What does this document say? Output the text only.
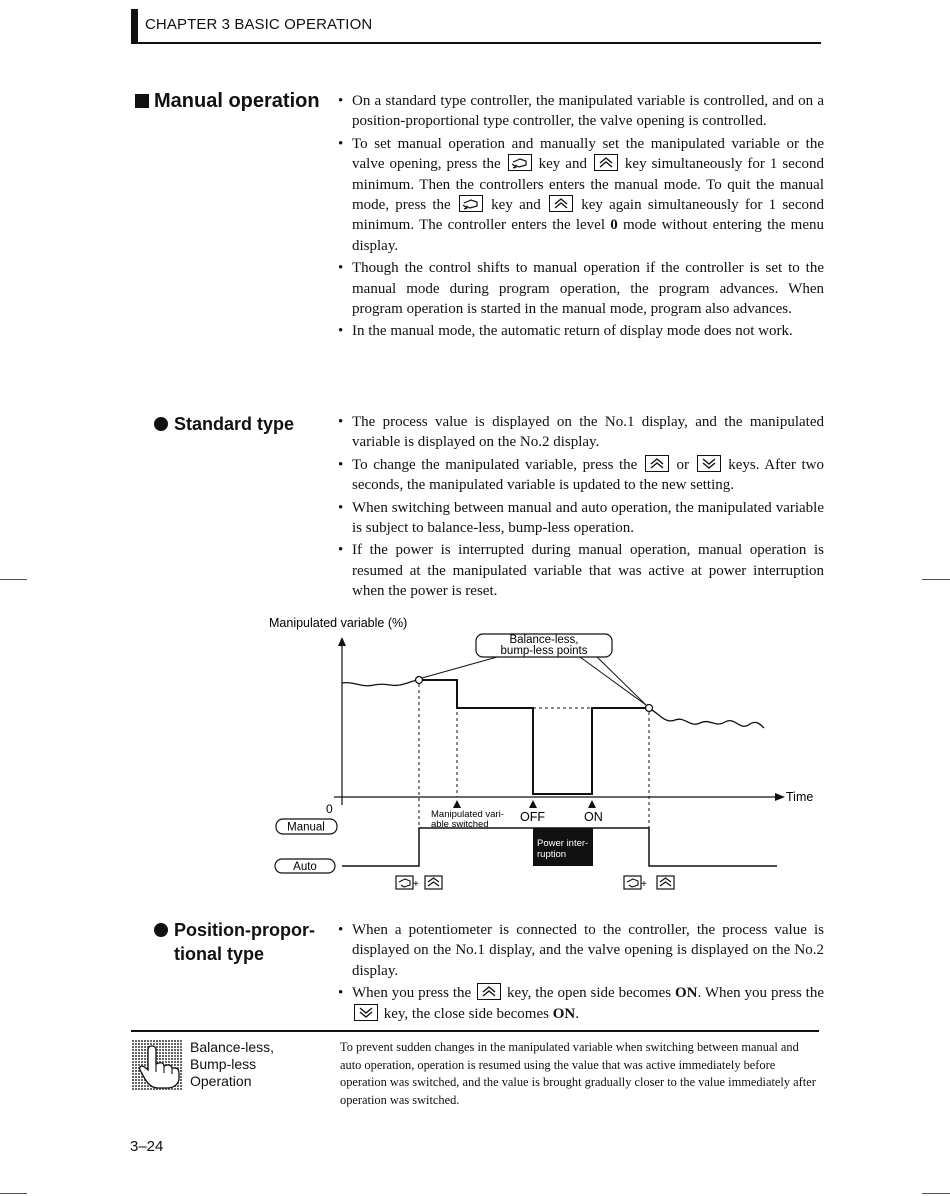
CHAPTER 3 BASIC OPERATION
Manual operation	• On a standard type controller, the manipulated variable is controlled, and on a position-proportional type controller, the valve opening is controlled.
• To set manual operation and manually set the manipulated variable or the valve opening, press the
key and
key simultaneously for 1 second minimum. Then the controllers enters the manual mode. To quit the manual mode, press the
key and
key again simultaneously for 1 second minimum. The controller enters the level 0 mode without entering the menu display.
• Though the control shifts to manual operation if the controller is set to the manual mode during program operation, the program advances. When program operation is started in the manual mode, program also advances.
• In the manual mode, the automatic return of display mode does not work.
Standard type	• The process value is displayed on the No.1 display, and the manipulated variable is displayed on the No.2 display.
• To change the manipulated variable, press the
or
keys. After two seconds, the manipulated variable is updated to the new setting.
• When switching between manual and auto operation, the manipulated variable is subject to balance-less, bump-less operation.
• If the power is interrupted during manual operation, manual operation is resumed at the manipulated variable that was active at power interruption when the power is reset.
Manipulated variable (%)
Time
0
Balance-less,
bump-less points
Manipulated vari-
able switched
OFF	ON
Manual
Auto
Power inter-
ruption
+	+
Position-propor-
tional type
• When a potentiometer is connected to the controller, the process value is displayed on the No.1 display, and the valve opening is displayed on the No.2 display.
• When you press the
key, the open side becomes ON. When you press the
key, the close side becomes ON.
Balance-less, Bump-less Operation
To prevent sudden changes in the manipulated variable when switching between manual and auto operation, operation is resumed using the value that was active immediately before operation was switched, and the value is brought gradually closer to the value immediately after operation was switched.
3–24
